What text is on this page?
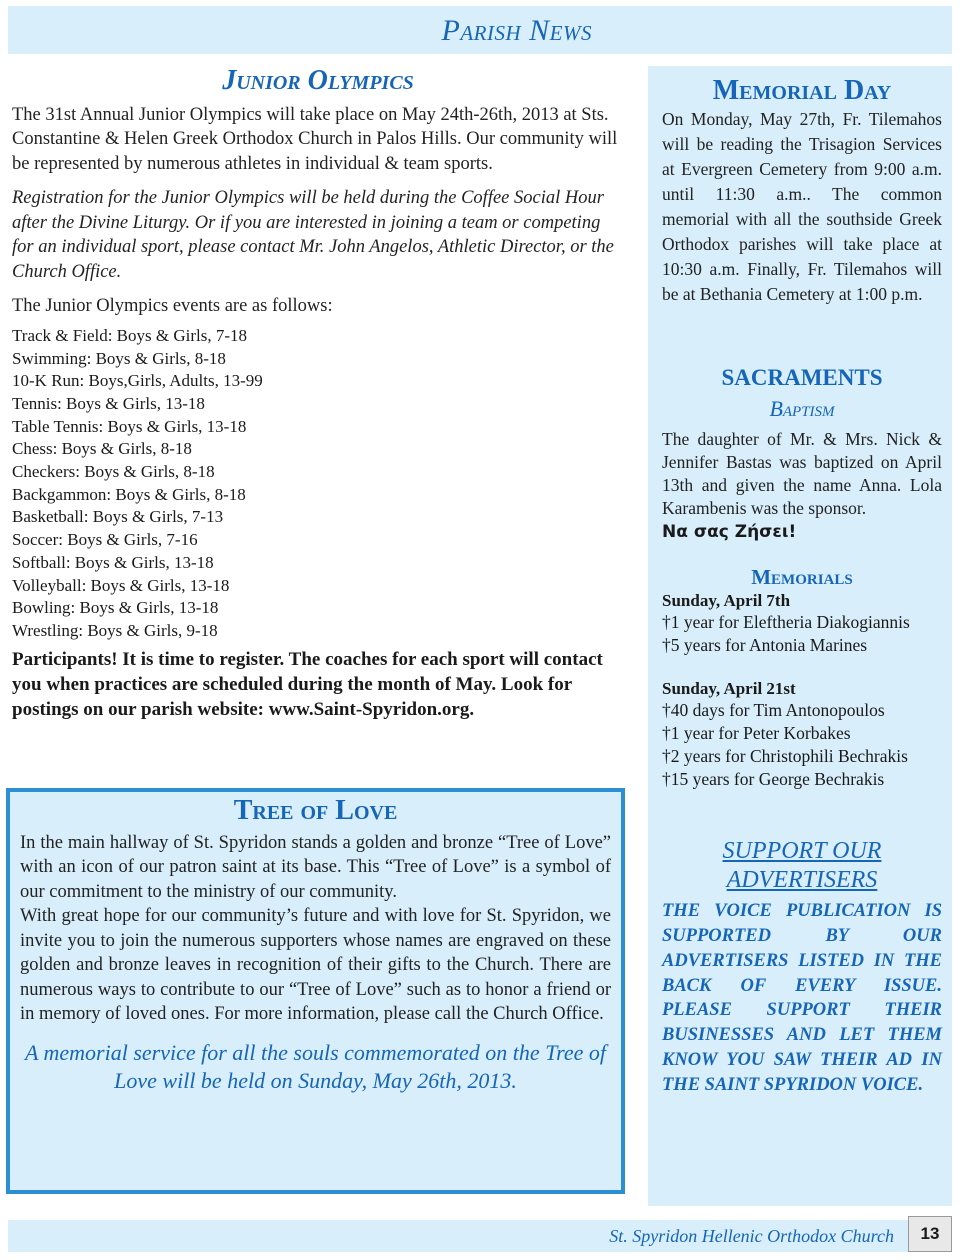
Parish News
Junior Olympics

The 31st Annual Junior Olympics will take place on May 24th-26th, 2013 at Sts. Constantine & Helen Greek Orthodox Church in Palos Hills. Our community will be represented by numerous athletes in individual & team sports.

Registration for the Junior Olympics will be held during the Coffee Social Hour after the Divine Liturgy. Or if you are interested in joining a team or competing for an individual sport, please contact Mr. John Angelos, Athletic Director, or the Church Office.

The Junior Olympics events are as follows:

Track & Field: Boys & Girls, 7-18
Swimming: Boys & Girls, 8-18
10-K Run: Boys,Girls, Adults, 13-99
Tennis: Boys & Girls, 13-18
Table Tennis: Boys & Girls, 13-18
Chess: Boys & Girls, 8-18
Checkers: Boys & Girls, 8-18
Backgammon: Boys & Girls, 8-18
Basketball: Boys & Girls, 7-13
Soccer: Boys & Girls, 7-16
Softball: Boys & Girls, 13-18
Volleyball: Boys & Girls, 13-18
Bowling: Boys & Girls, 13-18
Wrestling: Boys & Girls, 9-18

Participants! It is time to register. The coaches for each sport will contact you when practices are scheduled during the month of May. Look for postings on our parish website: www.Saint-Spyridon.org.

Tree of Love

In the main hallway of St. Spyridon stands a golden and bronze “Tree of Love” with an icon of our patron saint at its base. This “Tree of Love” is a symbol of our commitment to the ministry of our community.

With great hope for our community’s future and with love for St. Spyridon, we invite you to join the numerous supporters whose names are engraved on these golden and bronze leaves in recognition of their gifts to the Church. There are numerous ways to contribute to our “Tree of Love” such as to honor a friend or in memory of loved ones. For more information, please call the Church Office.

A memorial service for all the souls commemorated on the Tree of Love will be held on Sunday, May 26th, 2013.

Memorial Day

On Monday, May 27th, Fr. Tilemahos will be reading the Trisagion Services at Evergreen Cemetery from 9:00 a.m. until 11:30 a.m.. The common memorial with all the southside Greek Orthodox parishes will take place at 10:30 a.m. Finally, Fr. Tilemahos will be at Bethania Cemetery at 1:00 p.m.

SACRAMENTS
Baptism

The daughter of Mr. & Mrs. Nick & Jennifer Bastas was baptized on April 13th and given the name Anna. Lola Karambenis was the sponsor.

Να σας Ζήσει!

Memorials
Sunday, April 7th
†1 year for Eleftheria Diakogiannis
†5 years for Antonia Marines
Sunday, April 21st
†40 days for Tim Antonopoulos
†1 year for Peter Korbakes
†2 years for Christophili Bechrakis
†15 years for George Bechrakis
SUPPORT OUR ADVERTISERS

THE VOICE PUBLICATION IS SUPPORTED BY OUR ADVERTISERS LISTED IN THE BACK OF EVERY ISSUE. PLEASE SUPPORT THEIR BUSINESSES AND LET THEM KNOW YOU SAW THEIR AD IN THE SAINT SPYRIDON VOICE.

St. Spyridon Hellenic Orthodox Church	13
